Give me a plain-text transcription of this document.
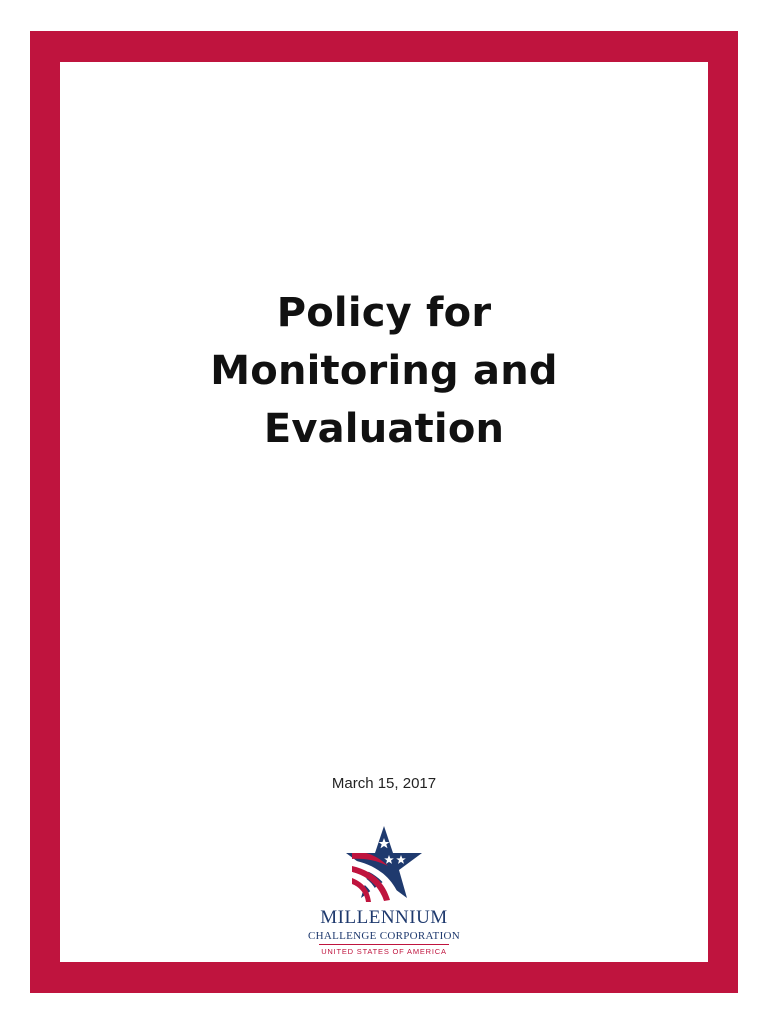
Policy for
Monitoring and
Evaluation
March 15, 2017
MILLENNIUM
CHALLENGE CORPORATION
UNITED STATES OF AMERICA
